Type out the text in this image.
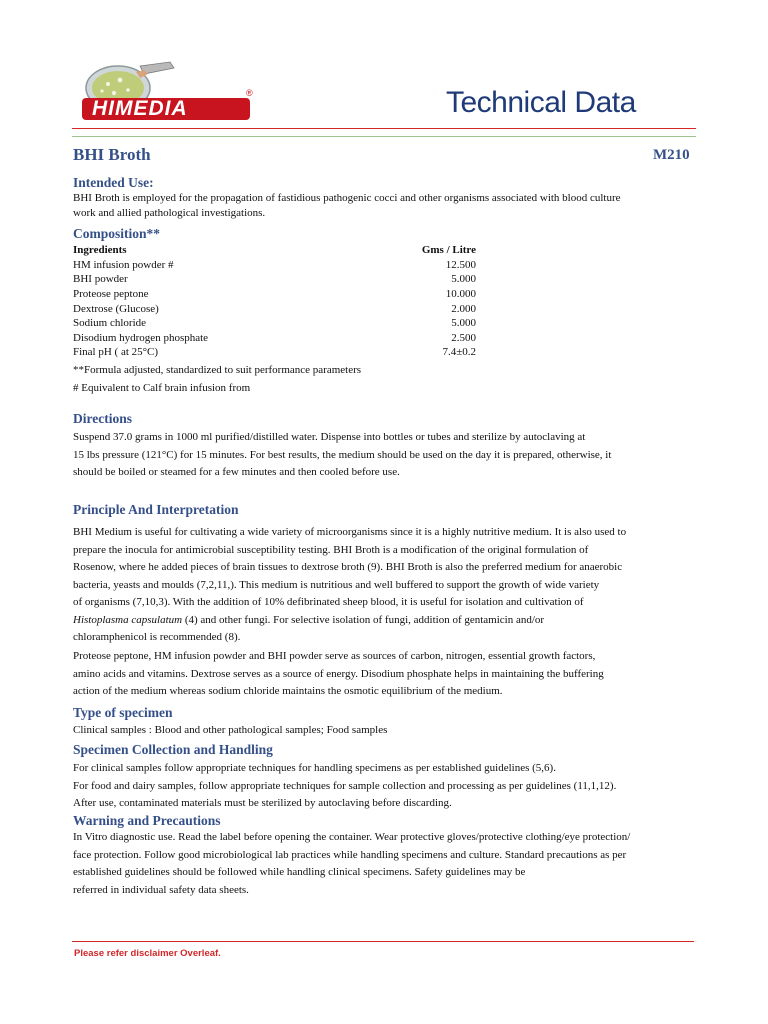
HIMEDIA
®	Technical Data
BHI Broth	M210
Intended Use:
BHI Broth is employed for the propagation of fastidious pathogenic cocci and other organisms associated with blood culture
work and allied pathological investigations.
Composition**
Ingredients	Gms / Litre
HM infusion powder #	12.500
BHI powder	5.000
Proteose peptone	10.000
Dextrose (Glucose)	2.000
Sodium chloride	5.000
Disodium hydrogen phosphate	2.500
Final pH ( at 25°C)	7.4±0.2
**Formula adjusted, standardized to suit performance parameters
# Equivalent to Calf brain infusion from
Directions
Suspend 37.0 grams in 1000 ml purified/distilled water. Dispense into bottles or tubes and sterilize by autoclaving at
15 lbs pressure (121°C) for 15 minutes. For best results, the medium should be used on the day it is prepared, otherwise, it
should be boiled or steamed for a few minutes and then cooled before use.
Principle And Interpretation
BHI Medium is useful for cultivating a wide variety of microorganisms since it is a highly nutritive medium. It is also used to
prepare the inocula for antimicrobial susceptibility testing. BHI Broth is a modification of the original formulation of
Rosenow, where he added pieces of brain tissues to dextrose broth (9). BHI Broth is also the preferred medium for anaerobic
bacteria, yeasts and moulds (7,2,11,). This medium is nutritious and well buffered to support the growth of wide variety
of organisms (7,10,3). With the addition of 10% defibrinated sheep blood, it is useful for isolation and cultivation of
Histoplasma capsulatum (4) and other fungi. For selective isolation of fungi, addition of gentamicin and/or
chloramphenicol is recommended (8).
Proteose peptone, HM infusion powder and BHI powder serve as sources of carbon, nitrogen, essential growth factors,
amino acids and vitamins. Dextrose serves as a source of energy. Disodium phosphate helps in maintaining the buffering
action of the medium whereas sodium chloride maintains the osmotic equilibrium of the medium.
Type of specimen
Clinical samples : Blood and other pathological samples; Food samples
Specimen Collection and Handling
For clinical samples follow appropriate techniques for handling specimens as per established guidelines (5,6).
For food and dairy samples, follow appropriate techniques for sample collection and processing as per guidelines (11,1,12).
After use, contaminated materials must be sterilized by autoclaving before discarding.
Warning and Precautions
In Vitro diagnostic use. Read the label before opening the container. Wear protective gloves/protective clothing/eye protection/
face protection. Follow good microbiological lab practices while handling specimens and culture. Standard precautions as per
established guidelines should be followed while handling clinical specimens. Safety guidelines may be
referred in individual safety data sheets.
Please refer disclaimer Overleaf.
